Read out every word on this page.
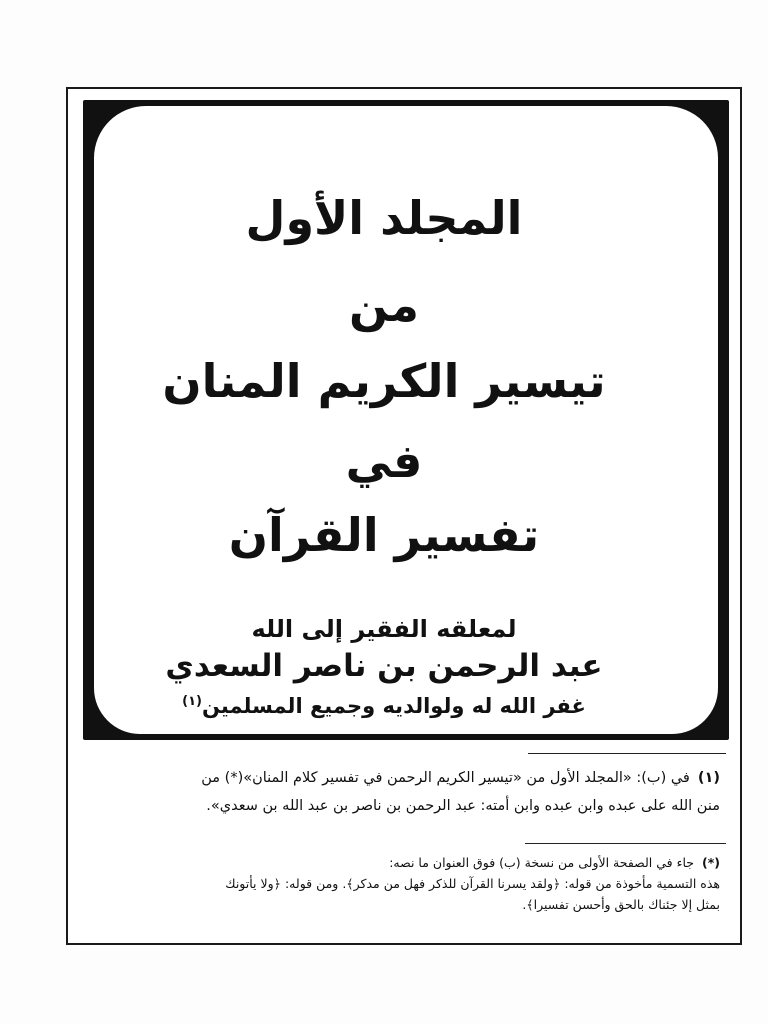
المجلد الأول
من
تيسير الكريم المنان
في
تفسير القرآن
لمعلقه الفقير إلى الله
عبد الرحمن بن ناصر السعدي
غفر الله له ولوالديه وجميع المسلمين$^{(١)}$
(١)في (ب): «المجلد الأول من «تيسير الكريم الرحمن في تفسير كلام المنان»(*) من
منن الله على عبده وابن عبده وابن أمته: عبد الرحمن بن ناصر بن عبد الله بن سعدي».
(*)جاء في الصفحة الأولى من نسخة (ب) فوق العنوان ما نصه:
هذه التسمية مأخوذة من قوله: ﴿ولقد يسرنا القرآن للذكر فهل من مدكر﴾. ومن قوله: ﴿ولا يأتونك
بمثل إلا جئناك بالحق وأحسن تفسيرا﴾.
